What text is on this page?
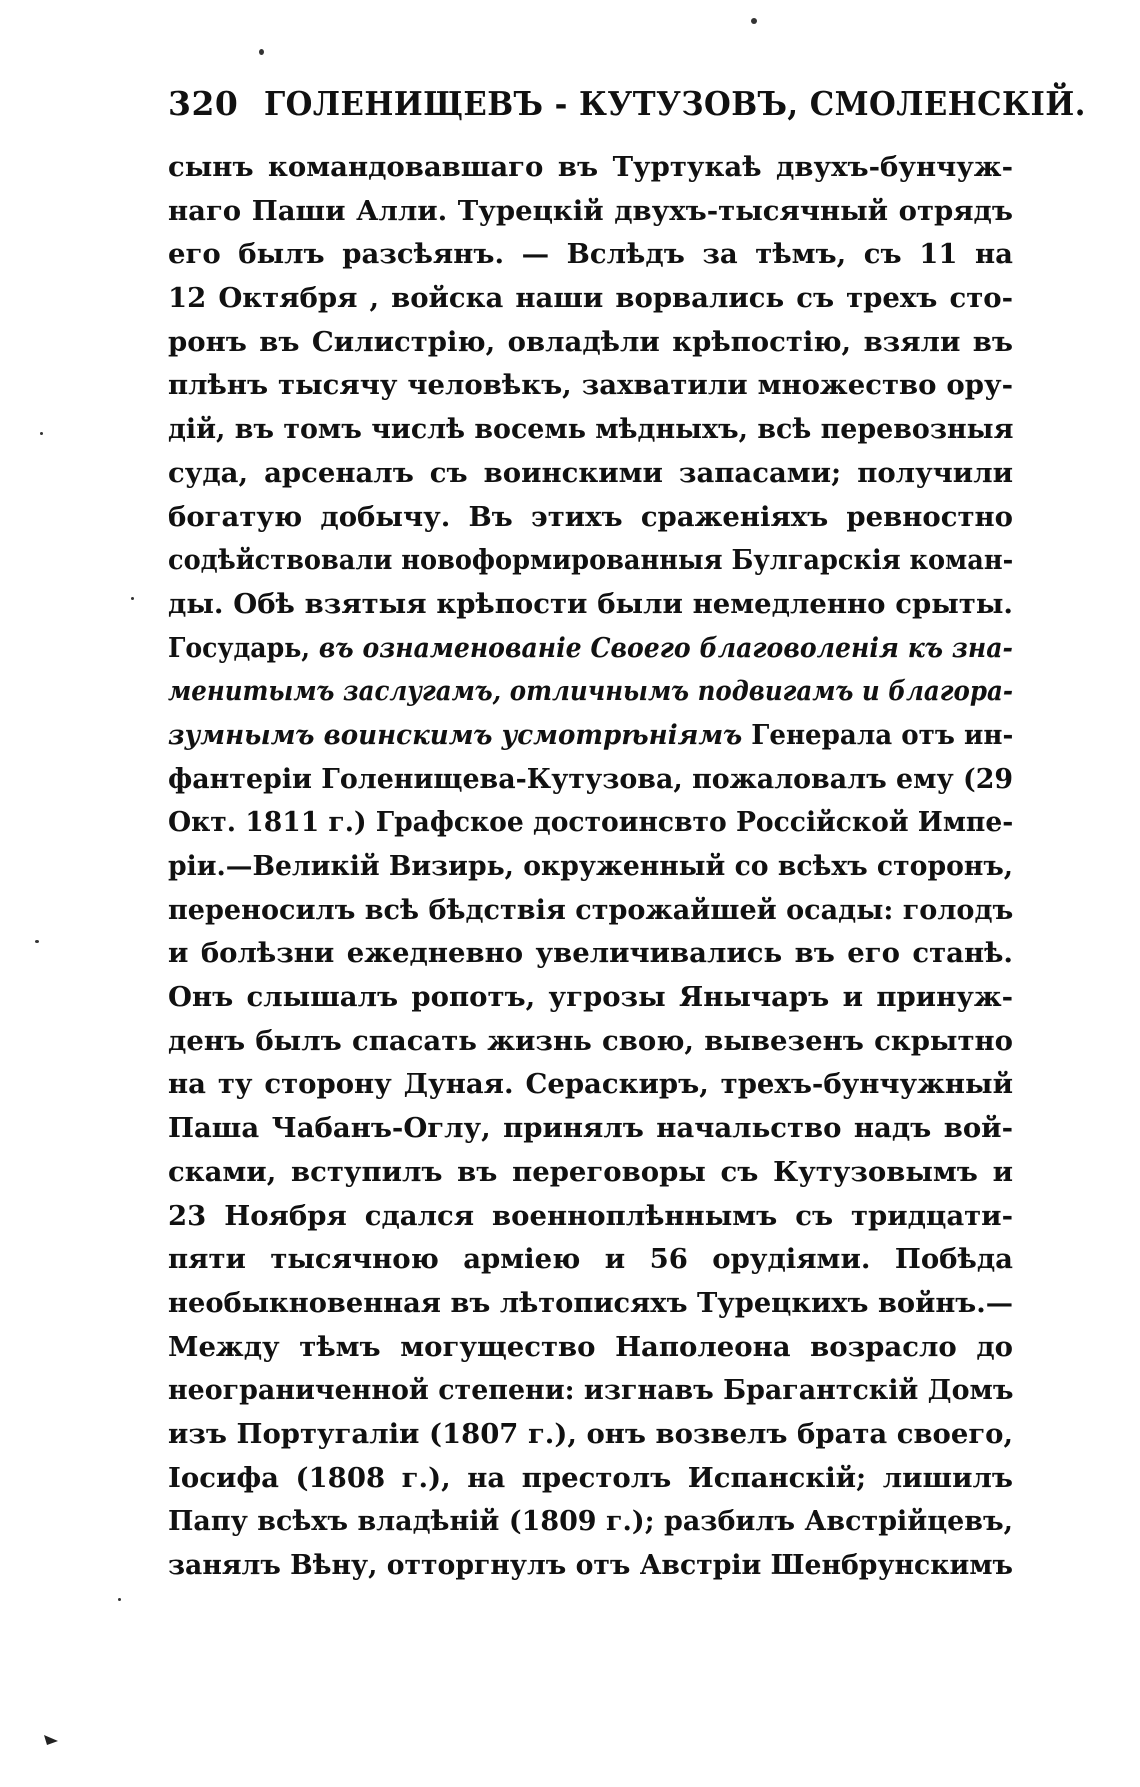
320 ГОЛЕНИЩЕВЪ - КУТУЗОВЪ, СМОЛЕНСКІЙ.
сынъ командовавшаго въ Туртукаѣ двухъ-бунчуж-
наго Паши Алли. Турецкій двухъ-тысячный отрядъ
его былъ разсѣянъ. — Вслѣдъ за тѣмъ, съ 11 на
12 Октября , войска наши ворвались съ трехъ сто-
ронъ въ Силистрію, овладѣли крѣпостію, взяли въ
плѣнъ тысячу человѣкъ, захватили множество ору-
дій, въ томъ числѣ восемь мѣдныхъ, всѣ перевозныя
суда, арсеналъ съ воинскими запасами; получили
богатую добычу. Въ этихъ сраженіяхъ ревностно
содѣйствовали новоформированныя Булгарскія коман-
ды. Обѣ взятыя крѣпости были немедленно срыты.
Государь, въ ознаменованіе Своего благоволенія къ зна-
менитымъ заслугамъ, отличнымъ подвигамъ и благора-
зумнымъ воинскимъ усмотрѣніямъ Генерала отъ ин-
фантеріи Голенищева-Кутузова, пожаловалъ ему (29
Окт. 1811 г.) Графское достоинсвто Россійской Импе-
ріи.—Великій Визирь, окруженный со всѣхъ сторонъ,
переносилъ всѣ бѣдствія строжайшей осады: голодъ
и болѣзни ежедневно увеличивались въ его станѣ.
Онъ слышалъ ропотъ, угрозы Янычаръ и принуж-
денъ былъ спасать жизнь свою, вывезенъ скрытно
на ту сторону Дуная. Сераскиръ, трехъ-бунчужный
Паша Чабанъ-Оглу, принялъ начальство надъ вой-
сками, вступилъ въ переговоры съ Кутузовымъ и
23 Ноября сдался военноплѣннымъ съ тридцати-
пяти тысячною арміею и 56 орудіями. Побѣда
необыкновенная въ лѣтописяхъ Турецкихъ войнъ.—
Между тѣмъ могущество Наполеона возрасло до
неограниченной степени: изгнавъ Брагантскій Домъ
изъ Португаліи (1807 г.), онъ возвелъ брата своего,
Іосифа (1808 г.), на престолъ Испанскій; лишилъ
Папу всѣхъ владѣній (1809 г.); разбилъ Австрійцевъ,
занялъ Вѣну, отторгнулъ отъ Австріи Шенбрунскимъ
